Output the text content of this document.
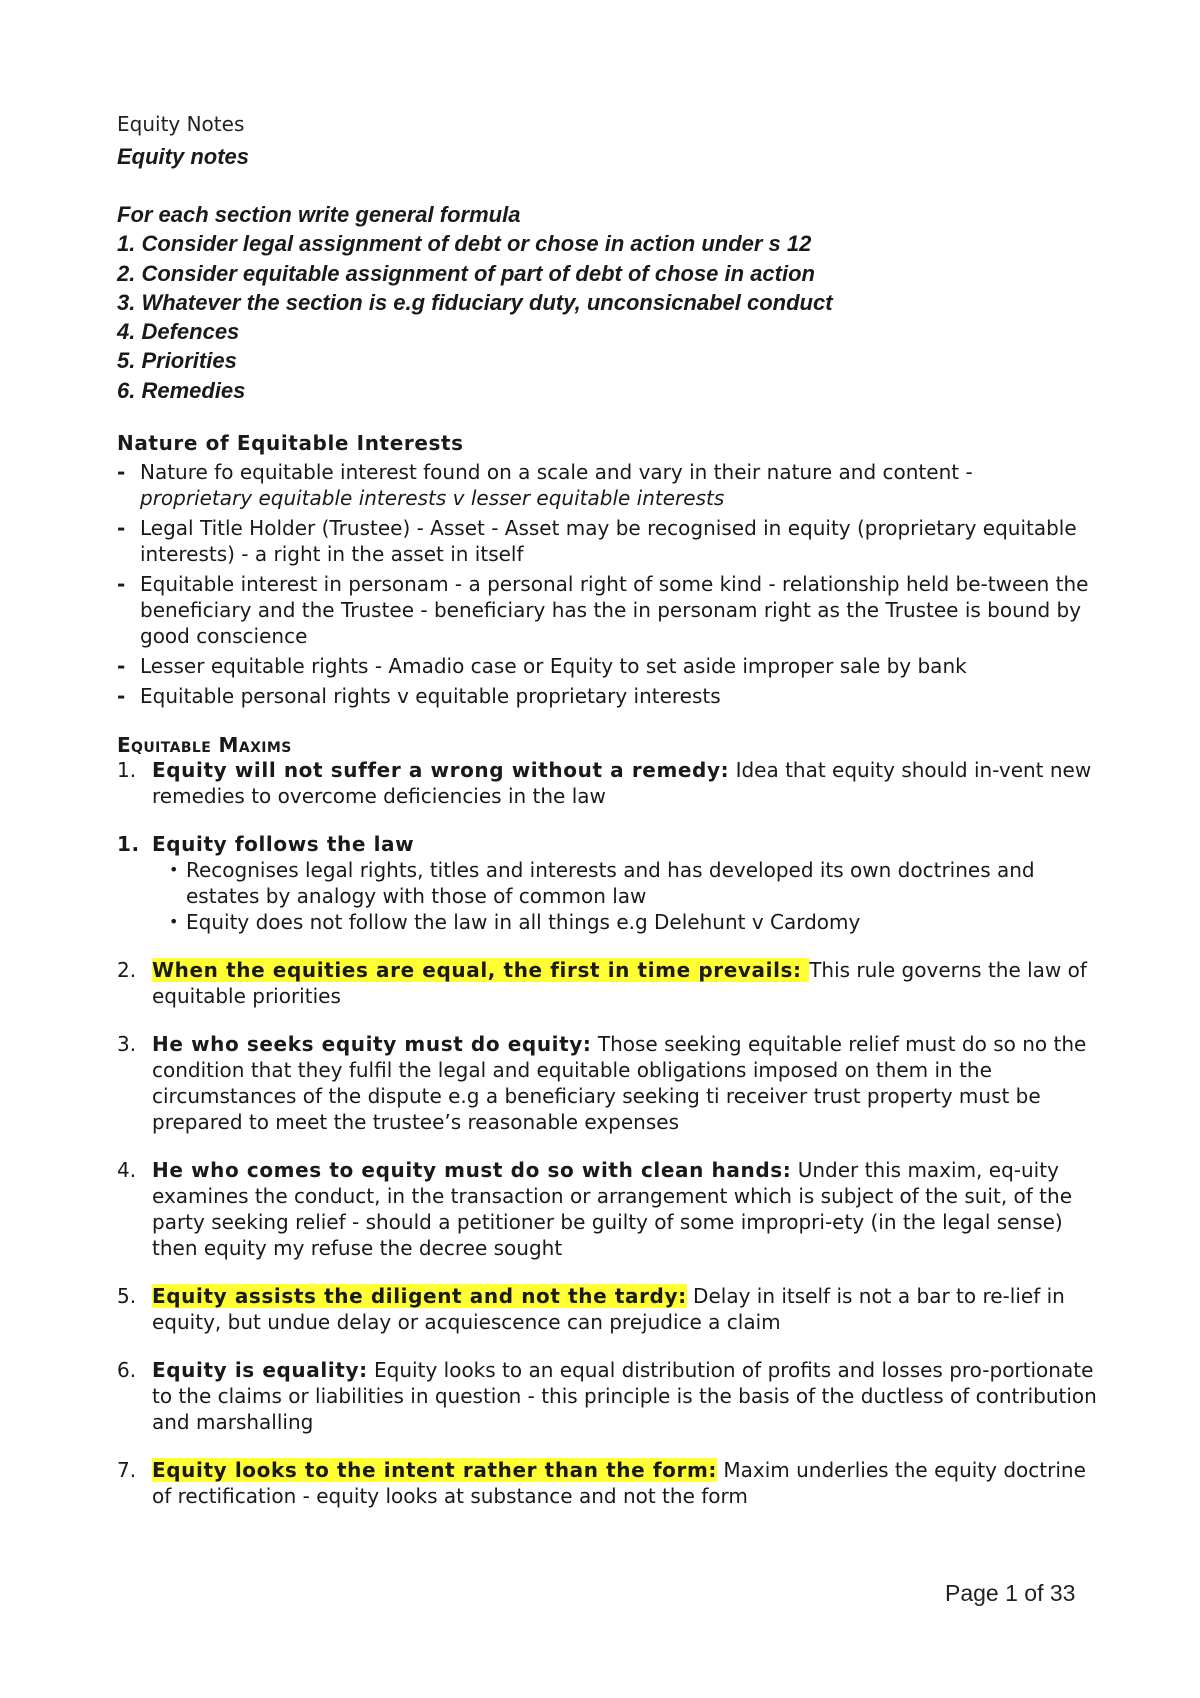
Equity Notes
Equity notes
For each section write general formula
1. Consider legal assignment of debt or chose in action under s 12
2. Consider equitable assignment of part of debt of chose in action
3. Whatever the section is e.g fiduciary duty, unconsicnabel conduct
4. Defences
5. Priorities
6. Remedies
Nature of Equitable Interests
- Nature fo equitable interest found on a scale and vary in their nature and content -
proprietary equitable interests v lesser equitable interests
- Legal Title Holder (Trustee) - Asset - Asset may be recognised in equity (proprietary equitable interests) - a right in the asset in itself
- Equitable interest in personam - a personal right of some kind - relationship held be-tween the beneficiary and the Trustee - beneficiary has the in personam right as the Trustee is bound by good conscience
- Lesser equitable rights - Amadio case or Equity to set aside improper sale by bank
- Equitable personal rights v equitable proprietary interests
Equitable Maxims
1. Equity will not suffer a wrong without a remedy: Idea that equity should in-vent new remedies to overcome deficiencies in the law
1. Equity follows the law
• Recognises legal rights, titles and interests and has developed its own doctrines and estates by analogy with those of common law
• Equity does not follow the law in all things e.g Delehunt v Cardomy
2. When the equities are equal, the first in time prevails: This rule governs the law of equitable priorities
3. He who seeks equity must do equity: Those seeking equitable relief must do so no the condition that they fulfil the legal and equitable obligations imposed on them in the circumstances of the dispute e.g a beneficiary seeking ti receiver trust property must be prepared to meet the trustee’s reasonable expenses
4. He who comes to equity must do so with clean hands: Under this maxim, eq-uity examines the conduct, in the transaction or arrangement which is subject of the suit, of the party seeking relief - should a petitioner be guilty of some impropri-ety (in the legal sense) then equity my refuse the decree sought
5. Equity assists the diligent and not the tardy: Delay in itself is not a bar to re-lief in equity, but undue delay or acquiescence can prejudice a claim
6. Equity is equality: Equity looks to an equal distribution of profits and losses pro-portionate to the claims or liabilities in question - this principle is the basis of the ductless of contribution and marshalling
7. Equity looks to the intent rather than the form: Maxim underlies the equity doctrine of rectification - equity looks at substance and not the form
Page 1 of 33
